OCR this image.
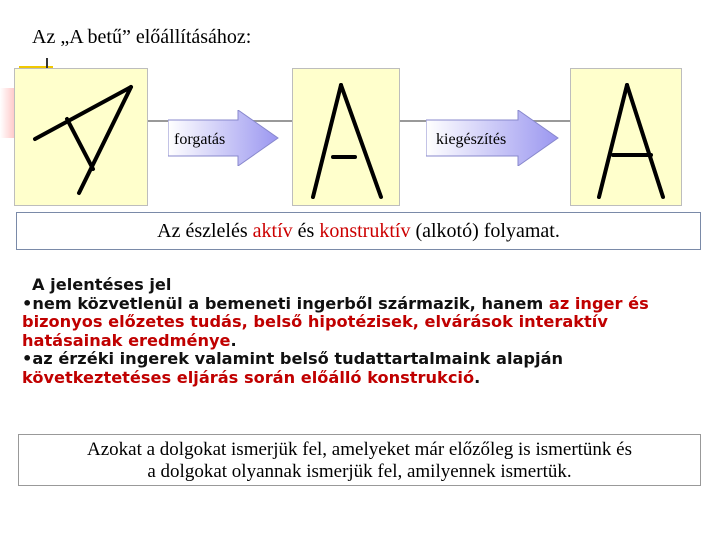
Az „A betű” előállításához:
forgatás	kiegészítés
Az észlelés aktív és konstruktív (alkotó) folyamat.
A jelentéses jel
•nem közvetlenül a bemeneti ingerből származik, hanem az inger és bizonyos előzetes tudás, belső hipotézisek, elvárások interaktív hatásainak eredménye.
•az érzéki ingerek valamint belső tudattartalmaink alapján következtetéses eljárás során előálló konstrukció.
Azokat a dolgokat ismerjük fel, amelyeket már előzőleg is ismertünk és
a dolgokat olyannak ismerjük fel, amilyennek ismertük.
